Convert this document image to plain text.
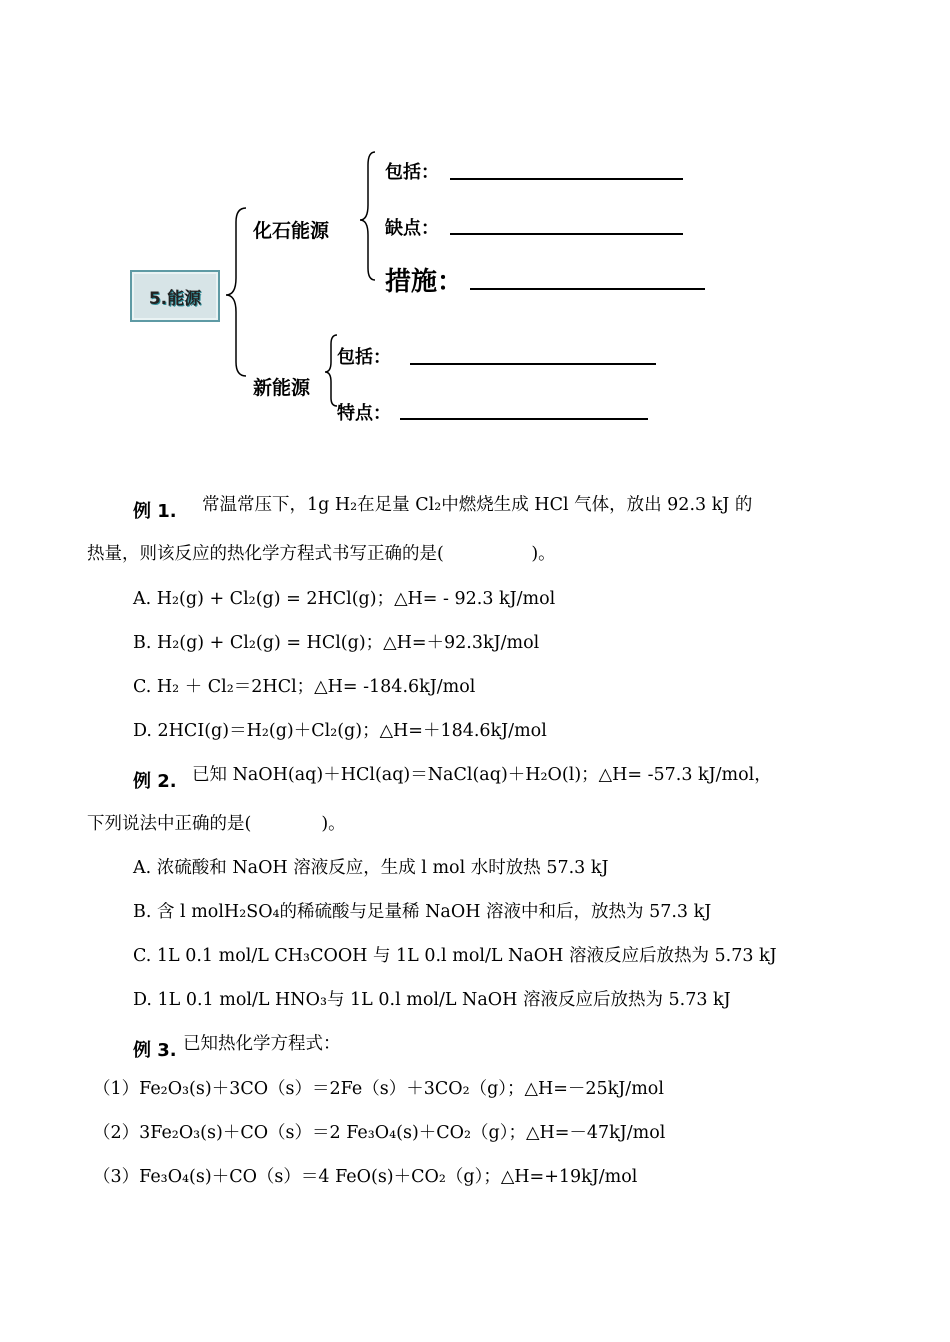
5.能源
化石能源
新能源
包括：
缺点：
措施：
包括：
特点：
例 1. 常温常压下，1g H₂在足量 Cl₂中燃烧生成 HCl 气体，放出 92.3 kJ 的
热量，则该反应的热化学方程式书写正确的是(　　　　　)。
A. H₂(g) + Cl₂(g) = 2HCl(g)；△H= - 92.3 kJ/mol
B. H₂(g) + Cl₂(g) = HCl(g)；△H=＋92.3kJ/mol
C. H₂ ＋ Cl₂＝2HCl；△H= -184.6kJ/mol
D. 2HCI(g)＝H₂(g)＋Cl₂(g)；△H=＋184.6kJ/mol
例 2. 已知 NaOH(aq)＋HCl(aq)＝NaCl(aq)＋H₂O(l)；△H= -57.3 kJ/mol，
下列说法中正确的是(　　　　)。
A. 浓硫酸和 NaOH 溶液反应，生成 l mol 水时放热 57.3 kJ
B. 含 l molH₂SO₄的稀硫酸与足量稀 NaOH 溶液中和后，放热为 57.3 kJ
C. 1L 0.1 mol/L CH₃COOH 与 1L 0.l mol/L NaOH 溶液反应后放热为 5.73 kJ
D. 1L 0.1 mol/L HNO₃与 1L 0.l mol/L NaOH 溶液反应后放热为 5.73 kJ
例 3. 已知热化学方程式：
（1）Fe₂O₃(s)＋3CO（s）＝2Fe（s）＋3CO₂（g）；△H=－25kJ/mol
（2）3Fe₂O₃(s)＋CO（s）＝2 Fe₃O₄(s)＋CO₂（g）；△H=－47kJ/mol
（3）Fe₃O₄(s)＋CO（s）＝4 FeO(s)＋CO₂（g）；△H=+19kJ/mol
